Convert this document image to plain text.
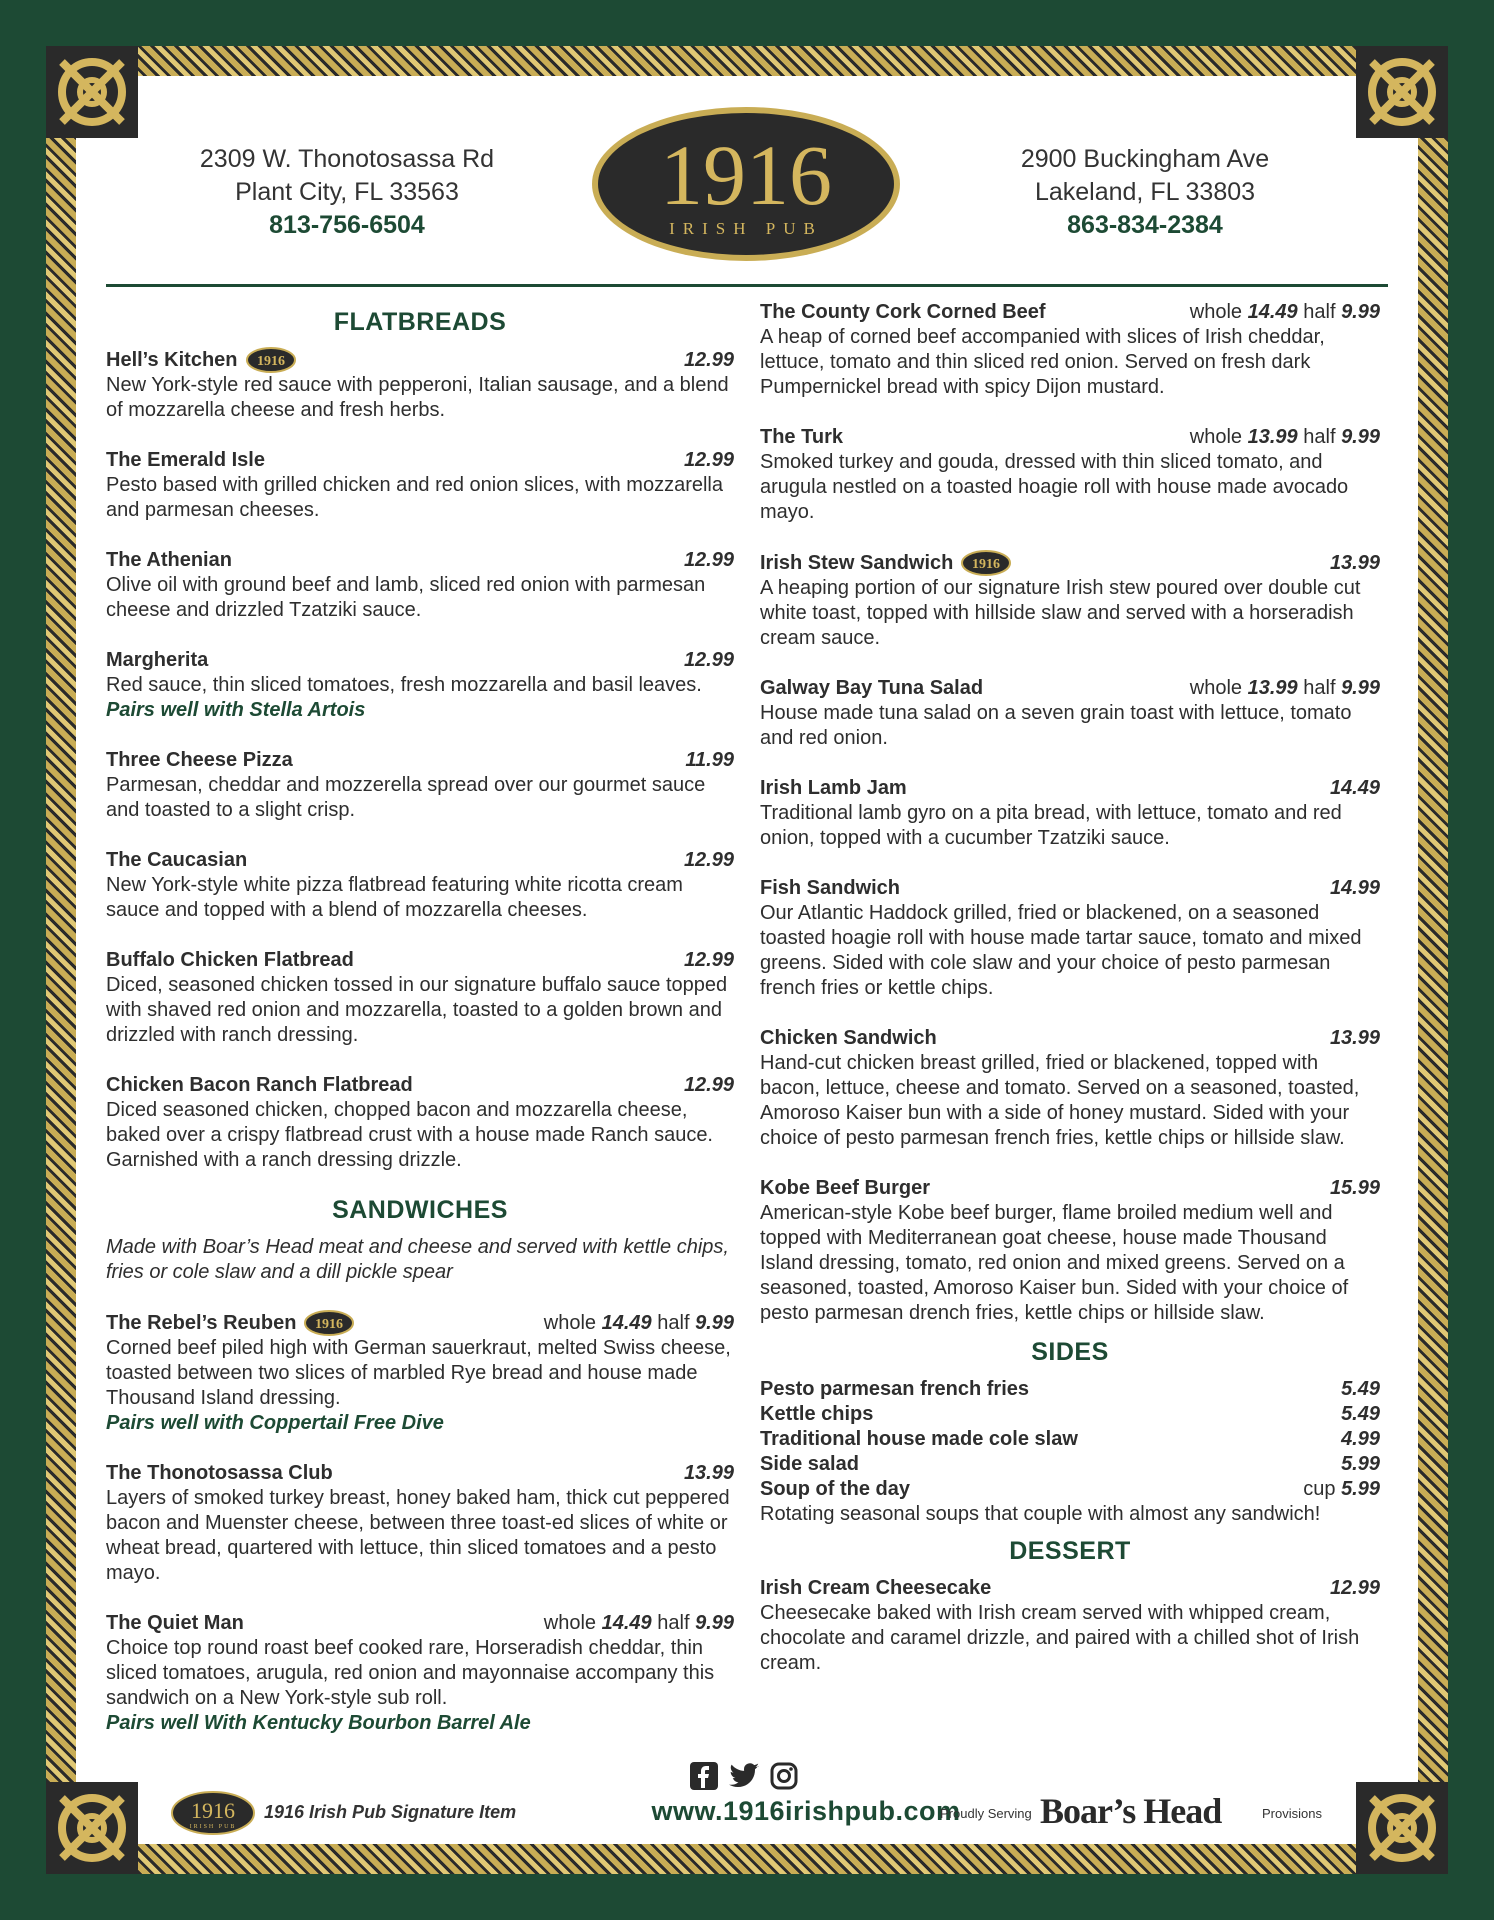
2309 W. Thonotosassa Rd
Plant City, FL 33563
813-756-6504
1916
IRISH PUB
2900 Buckingham Ave
Lakeland, FL 33803
863-834-2384
FLATBREADS
Hell’s Kitchen 1916	12.99
New York-style red sauce with pepperoni, Italian sausage, and a blend of mozzarella cheese and fresh herbs.
The Emerald Isle	12.99
Pesto based with grilled chicken and red onion slices, with mozzarella and parmesan cheeses.
The Athenian	12.99
Olive oil with ground beef and lamb, sliced red onion with parmesan cheese and drizzled Tzatziki sauce.
Margherita	12.99
Red sauce, thin sliced tomatoes, fresh mozzarella and basil leaves. Pairs well with Stella Artois
Three Cheese Pizza	11.99
Parmesan, cheddar and mozzerella spread over our gourmet sauce and toasted to a slight crisp.
The Caucasian	12.99
New York-style white pizza flatbread featuring white ricotta cream sauce and topped with a blend of mozzarella cheeses.
Buffalo Chicken Flatbread	12.99
Diced, seasoned chicken tossed in our signature buffalo sauce topped with shaved red onion and mozzarella, toasted to a golden brown and drizzled with ranch dressing.
Chicken Bacon Ranch Flatbread	12.99
Diced seasoned chicken, chopped bacon and mozzarella cheese, baked over a crispy flatbread crust with a house made Ranch sauce. Garnished with a ranch dressing drizzle.
SANDWICHES
Made with Boar’s Head meat and cheese and served with kettle chips, fries or cole slaw and a dill pickle spear
The Rebel’s Reuben 1916	whole 14.49 half 9.99
Corned beef piled high with German sauerkraut, melted Swiss cheese, toasted between two slices of marbled Rye bread and house made Thousand Island dressing.
Pairs well with Coppertail Free Dive
The Thonotosassa Club	13.99
Layers of smoked turkey breast, honey baked ham, thick cut peppered bacon and Muenster cheese, between three toast-ed slices of white or wheat bread, quartered with lettuce, thin sliced tomatoes and a pesto mayo.
The Quiet Man	whole 14.49 half 9.99
Choice top round roast beef cooked rare, Horseradish cheddar, thin sliced tomatoes, arugula, red onion and mayonnaise accompany this sandwich on a New York-style sub roll.
Pairs well With Kentucky Bourbon Barrel Ale
The County Cork Corned Beef	whole 14.49 half 9.99
A heap of corned beef accompanied with slices of Irish cheddar, lettuce, tomato and thin sliced red onion. Served on fresh dark Pumpernickel bread with spicy Dijon mustard.
The Turk	whole 13.99 half 9.99
Smoked turkey and gouda, dressed with thin sliced tomato, and arugula nestled on a toasted hoagie roll with house made avocado mayo.
Irish Stew Sandwich 1916	13.99
A heaping portion of our signature Irish stew poured over double cut white toast, topped with hillside slaw and served with a horseradish cream sauce.
Galway Bay Tuna Salad	whole 13.99 half 9.99
House made tuna salad on a seven grain toast with lettuce, tomato and red onion.
Irish Lamb Jam	14.49
Traditional lamb gyro on a pita bread, with lettuce, tomato and red onion, topped with a cucumber Tzatziki sauce.
Fish Sandwich	14.99
Our Atlantic Haddock grilled, fried or blackened, on a seasoned toasted hoagie roll with house made tartar sauce, tomato and mixed greens. Sided with cole slaw and your choice of pesto parmesan french fries or kettle chips.
Chicken Sandwich	13.99
Hand-cut chicken breast grilled, fried or blackened, topped with bacon, lettuce, cheese and tomato. Served on a seasoned, toasted, Amoroso Kaiser bun with a side of honey mustard. Sided with your choice of pesto parmesan french fries, kettle chips or hillside slaw.
Kobe Beef Burger	15.99
American-style Kobe beef burger, flame broiled medium well and topped with Mediterranean goat cheese, house made Thousand Island dressing, tomato, red onion and mixed greens. Served on a seasoned, toasted, Amoroso Kaiser bun. Sided with your choice of pesto parmesan drench fries, kettle chips or hillside slaw.
SIDES
Pesto parmesan french fries	5.49
Kettle chips	5.49
Traditional house made cole slaw	4.99
Side salad	5.99
Soup of the day	cup 5.99
Rotating seasonal soups that couple with almost any sandwich!
DESSERT
Irish Cream Cheesecake	12.99
Cheesecake baked with Irish cream served with whipped cream, chocolate and caramel drizzle, and paired with a chilled shot of Irish cream.
1916
IRISH PUB
1916 Irish Pub Signature Item	www.1916irishpub.com
Proudly Serving Boar’s Head	Provisions
